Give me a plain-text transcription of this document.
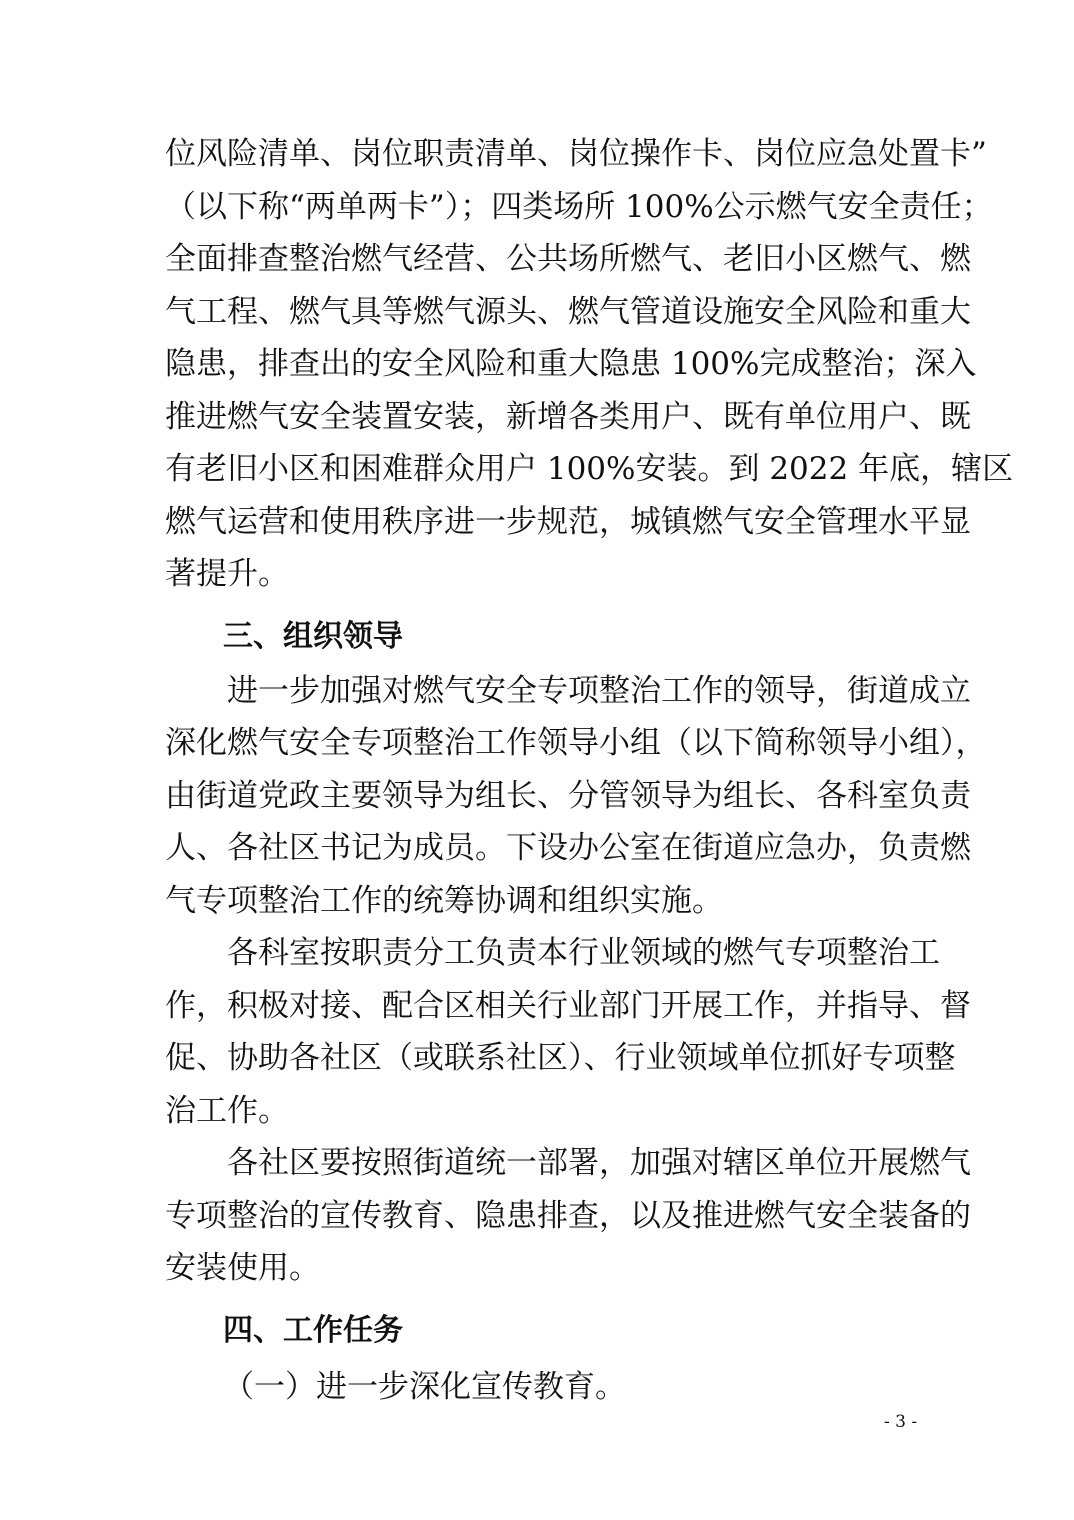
位风险清单、岗位职责清单、岗位操作卡、岗位应急处置卡”
（以下称“两单两卡”）；四类场所 100%公示燃气安全责任；
全面排查整治燃气经营、公共场所燃气、老旧小区燃气、燃
气工程、燃气具等燃气源头、燃气管道设施安全风险和重大
隐患，排查出的安全风险和重大隐患 100%完成整治；深入
推进燃气安全装置安装，新增各类用户、既有单位用户、既
有老旧小区和困难群众用户 100%安装。到 2022 年底，辖区
燃气运营和使用秩序进一步规范，城镇燃气安全管理水平显
著提升。
三、组织领导
进一步加强对燃气安全专项整治工作的领导，街道成立
深化燃气安全专项整治工作领导小组（以下简称领导小组），
由街道党政主要领导为组长、分管领导为组长、各科室负责
人、各社区书记为成员。下设办公室在街道应急办，负责燃
气专项整治工作的统筹协调和组织实施。
各科室按职责分工负责本行业领域的燃气专项整治工
作，积极对接、配合区相关行业部门开展工作，并指导、督
促、协助各社区（或联系社区）、行业领域单位抓好专项整
治工作。
各社区要按照街道统一部署，加强对辖区单位开展燃气
专项整治的宣传教育、隐患排查，以及推进燃气安全装备的
安装使用。
四、工作任务
（一）进一步深化宣传教育。
- 3 -
